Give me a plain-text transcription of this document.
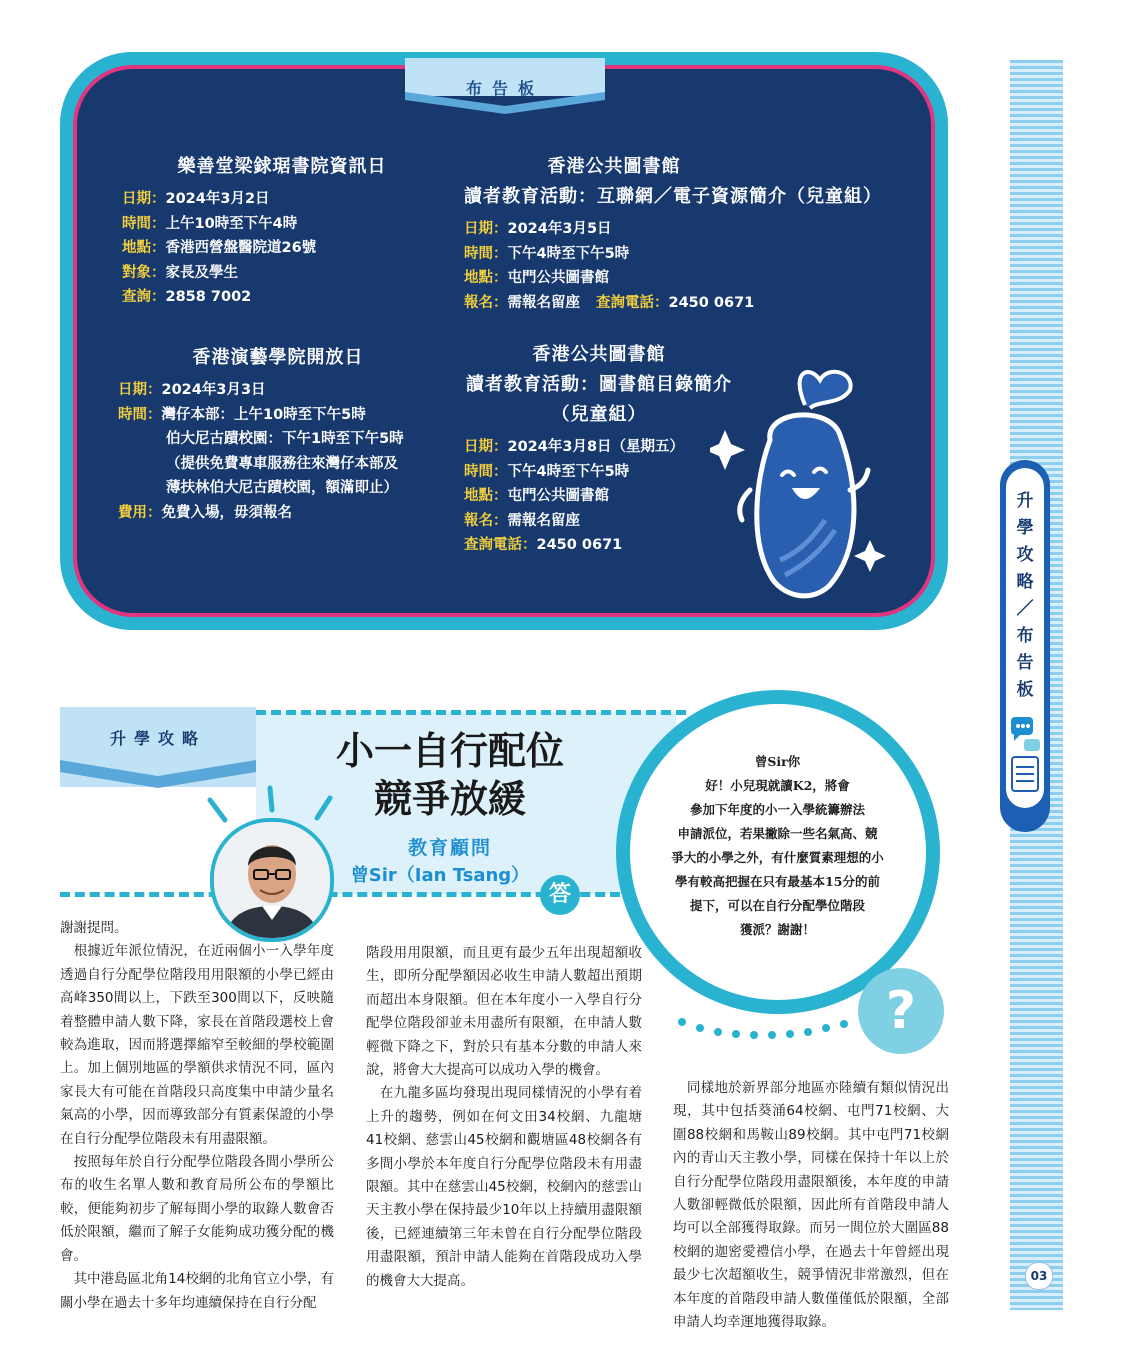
升
學
攻
略
／
布
告
板
03
布告板
樂善堂梁銶琚書院資訊日
日期：2024年3月2日
時間：上午10時至下午4時
地點：香港西營盤醫院道26號
對象：家長及學生
查詢：2858 7002
香港公共圖書館
讀者教育活動：互聯網／電子資源簡介（兒童組）
日期：2024年3月5日
時間：下午4時至下午5時
地點：屯門公共圖書館
報名：需報名留座 查詢電話：2450 0671
香港演藝學院開放日
日期：2024年3月3日
時間：灣仔本部：上午10時至下午5時
伯大尼古蹟校園：下午1時至下午5時
（提供免費專車服務往來灣仔本部及
薄扶林伯大尼古蹟校園，額滿即止）
費用：免費入場，毋須報名
香港公共圖書館
讀者教育活動：圖書館目錄簡介
（兒童組）
日期：2024年3月8日（星期五）
時間：下午4時至下午5時
地點：屯門公共圖書館
報名：需報名留座
查詢電話：2450 0671
升學攻略	小一自行配位
競爭放緩
教育顧問
曾Sir（Ian Tsang）
答
曾Sir你
好！小兒現就讀K2，將會
參加下年度的小一入學統籌辦法
申請派位，若果撇除一些名氣高、競
爭大的小學之外，有什麼質素理想的小
學有較高把握在只有最基本15分的前
提下，可以在自行分配學位階段
獲派？謝謝！
?

謝謝提問。

　根據近年派位情況，在近兩個小一入學年度透過自行分配學位階段用用限額的小學已經由高峰350間以上，下跌至300間以下，反映隨着整體申請人數下降，家長在首階段選校上會較為進取，因而將選擇縮窄至較細的學校範圍上。加上個別地區的學額供求情況不同，區內家長大有可能在首階段只高度集中申請少量名氣高的小學，因而導致部分有質素保證的小學在自行分配學位階段未有用盡限額。

　按照每年於自行分配學位階段各間小學所公布的收生名單人數和教育局所公布的學額比較，便能夠初步了解每間小學的取錄人數會否低於限額，繼而了解子女能夠成功獲分配的機會。

　其中港島區北角14校網的北角官立小學，有關小學在過去十多年均連續保持在自行分配

階段用用限額，而且更有最少五年出現超額收生，即所分配學額因必收生申請人數超出預期而超出本身限額。但在本年度小一入學自行分配學位階段卻並未用盡所有限額，在申請人數輕微下降之下，對於只有基本分數的申請人來說，將會大大提高可以成功入學的機會。

　在九龍多區均發現出現同樣情況的小學有着上升的趨勢，例如在何文田34校網、九龍塘41校網、慈雲山45校網和觀塘區48校網各有多間小學於本年度自行分配學位階段未有用盡限額。其中在慈雲山45校網，校網內的慈雲山天主教小學在保持最少10年以上持續用盡限額後，已經連續第三年未曾在自行分配學位階段用盡限額，預計申請人能夠在首階段成功入學的機會大大提高。

　同樣地於新界部分地區亦陸續有類似情況出現，其中包括葵涌64校網、屯門71校網、大圍88校網和馬鞍山89校網。其中屯門71校網內的青山天主教小學，同樣在保持十年以上於自行分配學位階段用盡限額後，本年度的申請人數卻輕微低於限額，因此所有首階段申請人均可以全部獲得取錄。而另一間位於大圍區88校網的迦密愛禮信小學，在過去十年曾經出現最少七次超額收生，競爭情況非常激烈，但在本年度的首階段申請人數僅僅低於限額，全部申請人均幸運地獲得取錄。
